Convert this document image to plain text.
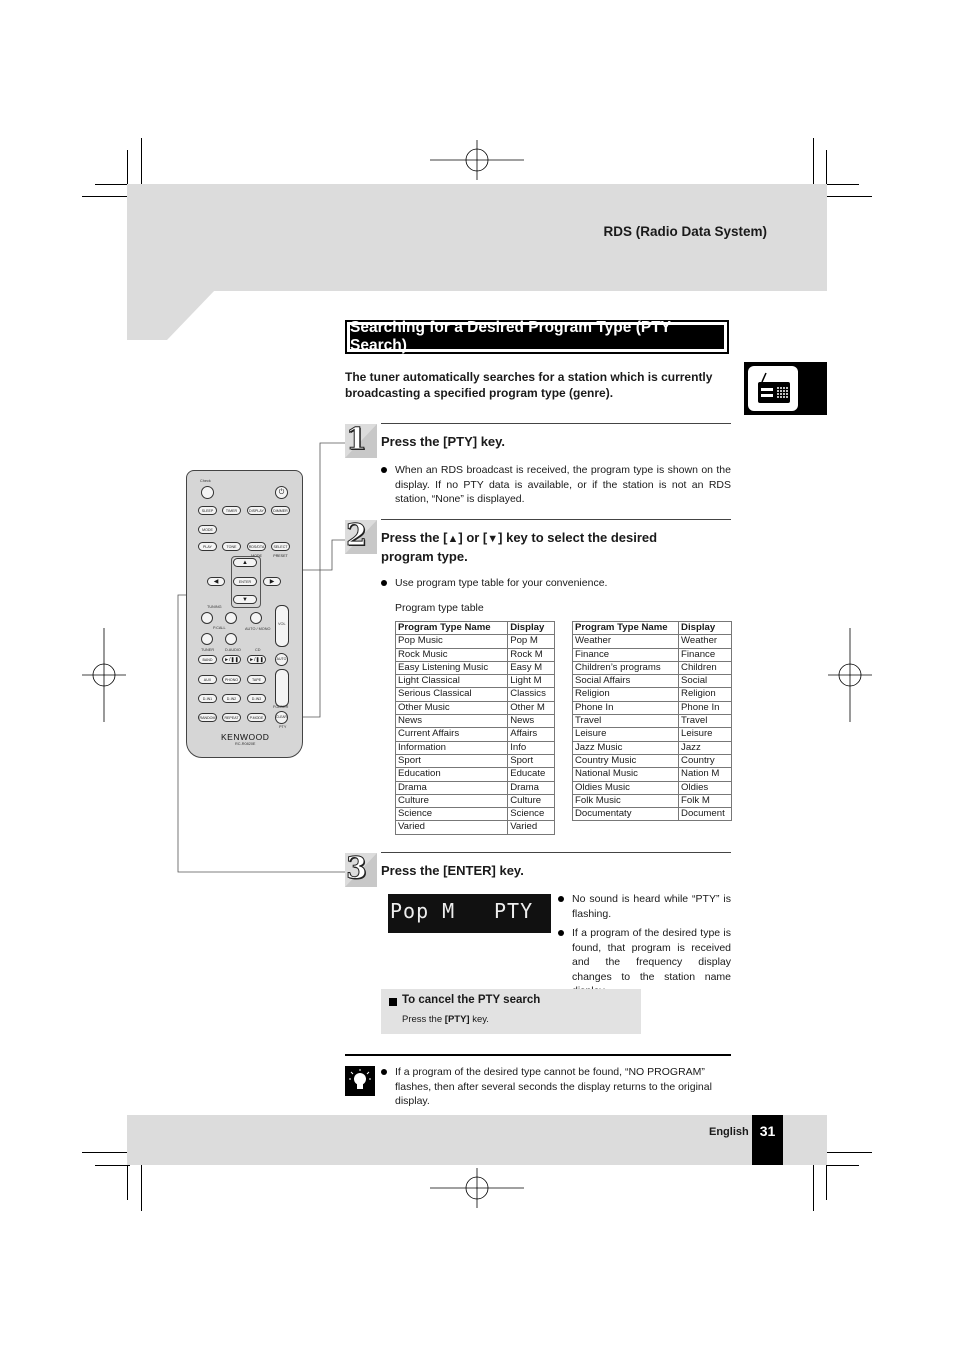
RDS (Radio Data System)
Searching for a Desired Program Type (PTY Search)
The tuner automatically searches for a station which is currently broadcasting a specified program type (genre).
Check
⏻
SLEEP	TIMER	DISPLAY	DIMMER
MODE
PLAY	TONE	RDS/DTA MODE
SELECT PRESET
▲
◀	ENTER	▶
▼
TUNING
VOL
P.CALL	AUTO / MONO
TUNER	D.AUDIO	CD
BAND	►/❚❚	►/❚❚	AUTO
AUX	PHONO	TAPE
D-IN1	D-IN2	D-IN3
FOLDER
RANDOM	REPEAT	P.MODE	CLEAR
PTY
KENWOOD
RC-R0820E
1 Press the [PTY] key.
When an RDS broadcast is received, the program type is shown on the display. If no PTY data is available, or if the station is not an RDS station, “None” is displayed.
2 Press the [▲] or [▼] key to select the desired program type.
Use program type table for your convenience.
Program type table
Program Type Name	Display
Pop Music	Pop M
Rock Music	Rock M
Easy Listening Music	Easy M
Light Classical	Light M
Serious Classical	Classics
Other Music	Other M
News	News
Current Affairs	Affairs
Information	Info
Sport	Sport
Education	Educate
Drama	Drama
Culture	Culture
Science	Science
Varied	Varied
Program Type Name	Display
Weather	Weather
Finance	Finance
Children’s programs	Children
Social Affairs	Social
Religion	Religion
Phone In	Phone In
Travel	Travel
Leisure	Leisure
Jazz Music	Jazz
Country Music	Country
National Music	Nation M
Oldies Music	Oldies
Folk Music	Folk M
Documentaty	Document
3 Press the [ENTER] key.
Pop M PTY	No sound is heard while “PTY” is flashing.
If a program of the desired type is found, that program is received and the frequency display changes to the station name
To cancel the PTY search
Press the [PTY] key.
If a program of the desired type cannot be found, “NO PROGRAM” flashes, then after several seconds the display returns to the original display.
English 31
